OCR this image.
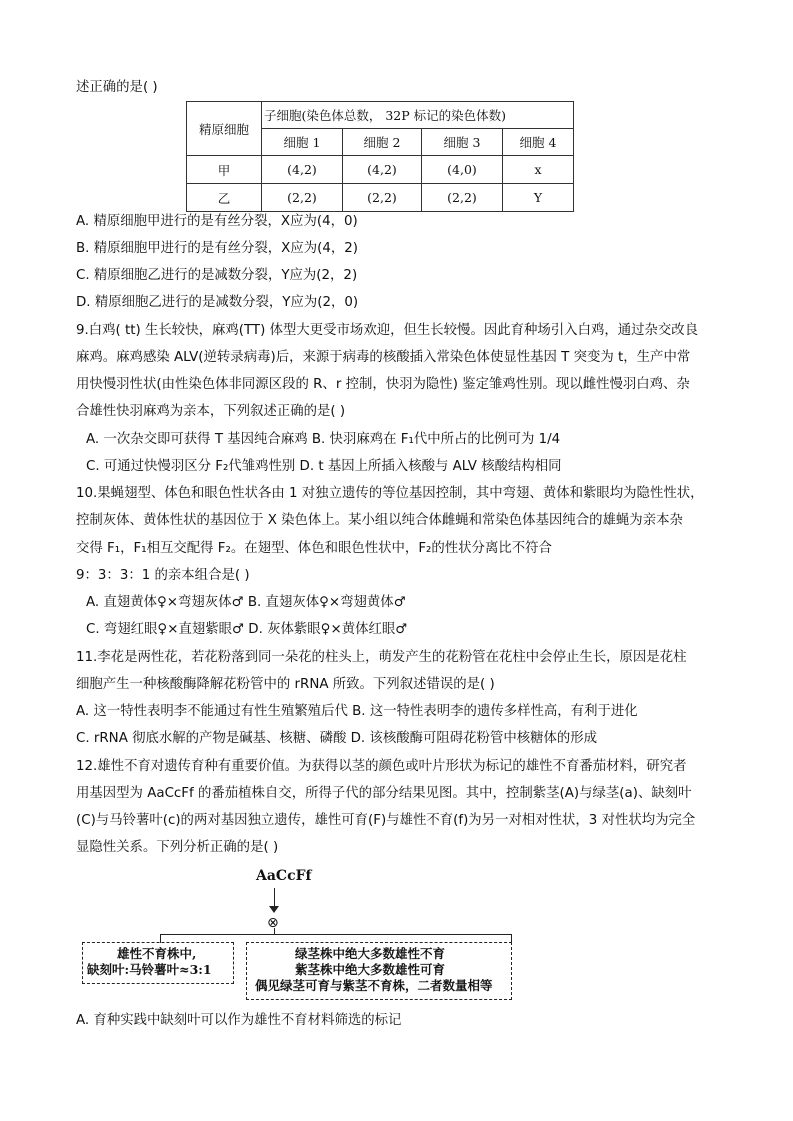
述正确的是( )
精原细胞	子细胞(染色体总数， 32P 标记的染色体数)			
	细胞 1	细胞 2	细胞 3	细胞 4
甲	(4,2)	(4,2)	(4,0)	x
乙	(2,2)	(2,2)	(2,2)	Y
A. 精原细胞甲进行的是有丝分裂，X应为(4，0)
B. 精原细胞甲进行的是有丝分裂，X应为(4，2)
C. 精原细胞乙进行的是减数分裂，Y应为(2，2)
D. 精原细胞乙进行的是减数分裂，Y应为(2，0)
9.白鸡( tt) 生长较快，麻鸡(TT) 体型大更受市场欢迎，但生长较慢。因此育种场引入白鸡，通过杂交改良
麻鸡。麻鸡感染 ALV(逆转录病毒)后，来源于病毒的核酸插入常染色体使显性基因 T 突变为 t，生产中常
用快慢羽性状(由性染色体非同源区段的 R、r 控制，快羽为隐性) 鉴定雏鸡性别。现以雌性慢羽白鸡、杂
合雄性快羽麻鸡为亲本，下列叙述正确的是( )
A. 一次杂交即可获得 T 基因纯合麻鸡 B. 快羽麻鸡在 F₁代中所占的比例可为 1/4
C. 可通过快慢羽区分 F₂代雏鸡性别 D. t 基因上所插入核酸与 ALV 核酸结构相同
10.果蝇翅型、体色和眼色性状各由 1 对独立遗传的等位基因控制，其中弯翅、黄体和紫眼均为隐性性状，
控制灰体、黄体性状的基因位于 X 染色体上。某小组以纯合体雌蝇和常染色体基因纯合的雄蝇为亲本杂
交得 F₁，F₁相互交配得 F₂。在翅型、体色和眼色性状中，F₂的性状分离比不符合
9：3：3：1 的亲本组合是( )
A. 直翅黄体♀×弯翅灰体♂ B. 直翅灰体♀×弯翅黄体♂
C. 弯翅红眼♀×直翅紫眼♂ D. 灰体紫眼♀×黄体红眼♂
11.李花是两性花，若花粉落到同一朵花的柱头上，萌发产生的花粉管在花柱中会停止生长，原因是花柱
细胞产生一种核酸酶降解花粉管中的 rRNA 所致。下列叙述错误的是( )
A. 这一特性表明李不能通过有性生殖繁殖后代 B. 这一特性表明李的遗传多样性高，有利于进化
C. rRNA 彻底水解的产物是碱基、核糖、磷酸 D. 该核酸酶可阻碍花粉管中核糖体的形成
12.雄性不育对遗传育种有重要价值。为获得以茎的颜色或叶片形状为标记的雄性不育番茄材料，研究者
用基因型为 AaCcFf 的番茄植株自交，所得子代的部分结果见图。其中，控制紫茎(A)与绿茎(a)、缺刻叶
(C)与马铃薯叶(c)的两对基因独立遗传，雄性可育(F)与雄性不育(f)为另一对相对性状，3 对性状均为完全
显隐性关系。下列分析正确的是( )
AaCcFf
⊗
雄性不育株中,
缺刻叶:马铃薯叶≈3:1
绿茎株中绝大多数雄性不育
紫茎株中绝大多数雄性可育
偶见绿茎可育与紫茎不育株，二者数量相等
A. 育种实践中缺刻叶可以作为雄性不育材料筛选的标记
